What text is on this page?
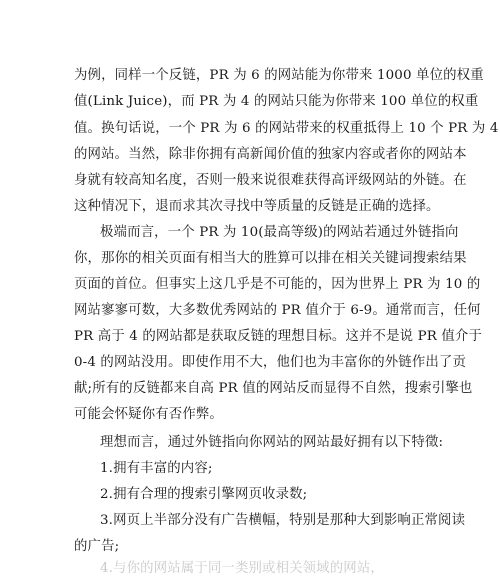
为例，同样一个反链，PR 为 6 的网站能为你带来 1000 单位的权重
值(Link Juice)，而 PR 为 4 的网站只能为你带来 100 单位的权重
值。换句话说，一个 PR 为 6 的网站带来的权重抵得上 10 个 PR 为 4
的网站。当然，除非你拥有高新闻价值的独家内容或者你的网站本
身就有较高知名度，否则一般来说很难获得高评级网站的外链。在
这种情况下，退而求其次寻找中等质量的反链是正确的选择。
极端而言，一个 PR 为 10(最高等级)的网站若通过外链指向
你，那你的相关页面有相当大的胜算可以排在相关关键词搜索结果
页面的首位。但事实上这几乎是不可能的，因为世界上 PR 为 10 的
网站寥寥可数，大多数优秀网站的 PR 值介于 6-9。通常而言，任何
PR 高于 4 的网站都是获取反链的理想目标。这并不是说 PR 值介于
0-4 的网站没用。即使作用不大，他们也为丰富你的外链作出了贡
献;所有的反链都来自高 PR 值的网站反而显得不自然，搜索引擎也
可能会怀疑你有否作弊。
理想而言，通过外链指向你网站的网站最好拥有以下特徵:
1.拥有丰富的内容;
2.拥有合理的搜索引擎网页收录数;
3.网页上半部分没有广告横幅，特别是那种大到影响正常阅读
的广告;
4.与你的网站属于同一类别或相关领域的网站，
